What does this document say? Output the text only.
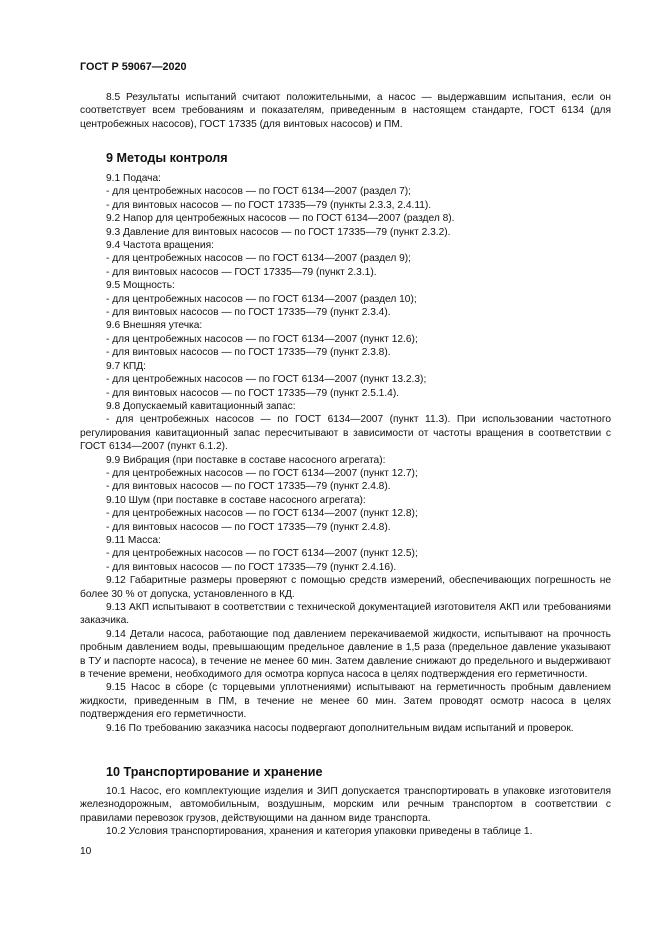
ГОСТ Р 59067—2020

8.5 Результаты испытаний считают положительными, а насос — выдержавшим испытания, если он соответствует всем требованиям и показателям, приведенным в настоящем стандарте, ГОСТ 6134 (для центробежных насосов), ГОСТ 17335 (для винтовых насосов) и ПМ.

9 Методы контроля

9.1 Подача:

- для центробежных насосов — по ГОСТ 6134—2007 (раздел 7);

- для винтовых насосов — по ГОСТ 17335—79 (пункты 2.3.3, 2.4.11).

9.2 Напор для центробежных насосов — по ГОСТ 6134—2007 (раздел 8).

9.3 Давление для винтовых насосов — по ГОСТ 17335—79 (пункт 2.3.2).

9.4 Частота вращения:

- для центробежных насосов — по ГОСТ 6134—2007 (раздел 9);

- для винтовых насосов — ГОСТ 17335—79 (пункт 2.3.1).

9.5 Мощность:

- для центробежных насосов — по ГОСТ 6134—2007 (раздел 10);

- для винтовых насосов — по ГОСТ 17335—79 (пункт 2.3.4).

9.6 Внешняя утечка:

- для центробежных насосов — по ГОСТ 6134—2007 (пункт 12.6);

- для винтовых насосов — по ГОСТ 17335—79 (пункт 2.3.8).

9.7 КПД:

- для центробежных насосов — по ГОСТ 6134—2007 (пункт 13.2.3);

- для винтовых насосов — по ГОСТ 17335—79 (пункт 2.5.1.4).

9.8 Допускаемый кавитационный запас:

- для центробежных насосов — по ГОСТ 6134—2007 (пункт 11.3). При использовании частотного регулирования кавитационный запас пересчитывают в зависимости от частоты вращения в соответствии с ГОСТ 6134—2007 (пункт 6.1.2).

9.9 Вибрация (при поставке в составе насосного агрегата):

- для центробежных насосов — по ГОСТ 6134—2007 (пункт 12.7);

- для винтовых насосов — по ГОСТ 17335—79 (пункт 2.4.8).

9.10 Шум (при поставке в составе насосного агрегата):

- для центробежных насосов — по ГОСТ 6134—2007 (пункт 12.8);

- для винтовых насосов — по ГОСТ 17335—79 (пункт 2.4.8).

9.11 Масса:

- для центробежных насосов — по ГОСТ 6134—2007 (пункт 12.5);

- для винтовых насосов — по ГОСТ 17335—79 (пункт 2.4.16).

9.12 Габаритные размеры проверяют с помощью средств измерений, обеспечивающих погрешность не более 30 % от допуска, установленного в КД.

9.13 АКП испытывают в соответствии с технической документацией изготовителя АКП или требованиями заказчика.

9.14 Детали насоса, работающие под давлением перекачиваемой жидкости, испытывают на прочность пробным давлением воды, превышающим предельное давление в 1,5 раза (предельное давление указывают в ТУ и паспорте насоса), в течение не менее 60 мин. Затем давление снижают до предельного и выдерживают в течение времени, необходимого для осмотра корпуса насоса в целях подтверждения его герметичности.

9.15 Насос в сборе (с торцевыми уплотнениями) испытывают на герметичность пробным давлением жидкости, приведенным в ПМ, в течение не менее 60 мин. Затем проводят осмотр насоса в целях подтверждения его герметичности.

9.16 По требованию заказчика насосы подвергают дополнительным видам испытаний и проверок.

10 Транспортирование и хранение

10.1 Насос, его комплектующие изделия и ЗИП допускается транспортировать в упаковке изготовителя железнодорожным, автомобильным, воздушным, морским или речным транспортом в соответствии с правилами перевозок грузов, действующими на данном виде транспорта.

10.2 Условия транспортирования, хранения и категория упаковки приведены в таблице 1.

10
